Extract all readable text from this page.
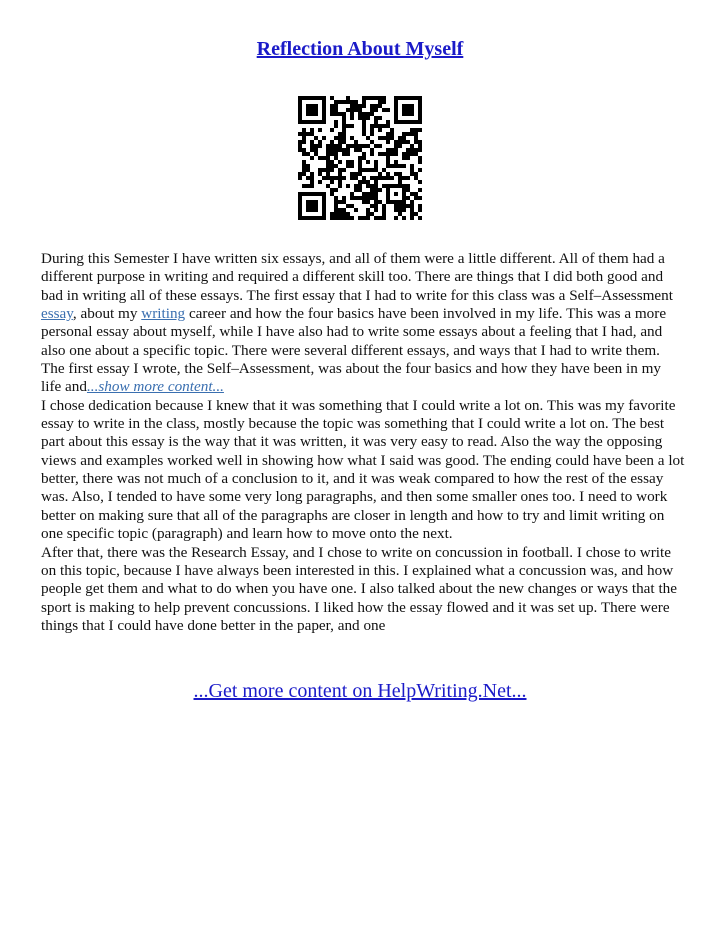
Reflection About Myself

During this Semester I have written six essays, and all of them were a little different. All of them had a different purpose in writing and required a different skill too. There are things that I did both good and bad in writing all of these essays. The first essay that I had to write for this class was a Self–Assessment essay, about my writing career and how the four basics have been involved in my life. This was a more personal essay about myself, while I have also had to write some essays about a feeling that I had, and also one about a specific topic. There were several different essays, and ways that I had to write them. The first essay I wrote, the Self–Assessment, was about the four basics and how they have been in my life and...show more content...

I chose dedication because I knew that it was something that I could write a lot on. This was my favorite essay to write in the class, mostly because the topic was something that I could write a lot on. The best part about this essay is the way that it was written, it was very easy to read. Also the way the opposing views and examples worked well in showing how what I said was good. The ending could have been a lot better, there was not much of a conclusion to it, and it was weak compared to how the rest of the essay was. Also, I tended to have some very long paragraphs, and then some smaller ones too. I need to work better on making sure that all of the paragraphs are closer in length and how to try and limit writing on one specific topic (paragraph) and learn how to move onto the next.

After that, there was the Research Essay, and I chose to write on concussion in football. I chose to write on this topic, because I have always been interested in this. I explained what a concussion was, and how people get them and what to do when you have one. I also talked about the new changes or ways that the sport is making to help prevent concussions. I liked how the essay flowed and it was set up. There were things that I could have done better in the paper, and one

...Get more content on HelpWriting.Net...
